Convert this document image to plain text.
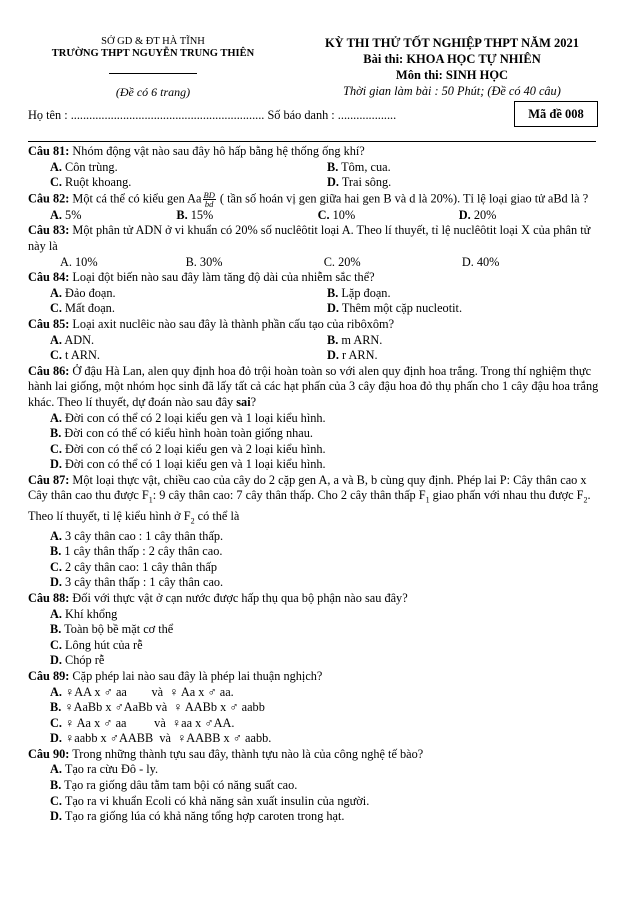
SỞ GD & ĐT HÀ TĨNH
TRƯỜNG THPT NGUYỄN TRUNG THIÊN
(Đề có 6 trang)
KỲ THI THỬ TỐT NGHIỆP THPT NĂM 2021
Bài thi: KHOA HỌC TỰ NHIÊN
Môn thi: SINH HỌC
Thời gian làm bài : 50 Phút; (Đề có 40 câu)
Họ tên : ............................................................... Số báo danh : ...................	Mã đề 008
Câu 81: Nhóm động vật nào sau đây hô hấp bằng hệ thống ống khí?
A. Côn trùng.	B. Tôm, cua.
C. Ruột khoang.	D. Trai sông.
Câu 82: Một cá thể có kiểu gen Aa $\frac{BD}{bd}$ ( tần số hoán vị gen giữa hai gen B và d là 20%). Tỉ lệ loại giao tử aBd là ?
A. 5%	B. 15%	C. 10%	D. 20%
Câu 83: Một phân tử ADN ở vi khuẩn có 20% số nuclêôtit loại A. Theo lí thuyết, tỉ lệ nuclêôtit loại X của phân tử này là
A. 10%	B. 30%	C. 20%	D. 40%
Câu 84: Loại đột biến nào sau đây làm tăng độ dài của nhiễm sắc thể?
A. Đảo đoạn.	B. Lặp đoạn.
C. Mất đoạn.	D. Thêm một cặp nucleotit.
Câu 85: Loại axit nuclêic nào sau đây là thành phần cấu tạo của ribôxôm?
A. ADN.	B. m ARN.
C. t ARN.	D. r ARN.
Câu 86: Ở đậu Hà Lan, alen quy định hoa đỏ trội hoàn toàn so với alen quy định hoa trắng. Trong thí nghiệm thực hành lai giống, một nhóm học sinh đã lấy tất cả các hạt phấn của 3 cây đậu hoa đỏ thụ phấn cho 1 cây đậu hoa trắng khác. Theo lí thuyết, dự đoán nào sau đây sai?
A. Đời con có thể có 2 loại kiểu gen và 1 loại kiểu hình.
B. Đời con có thể có kiểu hình hoàn toàn giống nhau.
C. Đời con có thể có 2 loại kiểu gen và 2 loại kiểu hình.
D. Đời con có thể có 1 loại kiểu gen và 1 loại kiểu hình.
Câu 87: Một loại thực vật, chiều cao của cây do 2 cặp gen A, a và B, b cùng quy định. Phép lai P: Cây thân cao x Cây thân cao thu được $F_1$: 9 cây thân cao: 7 cây thân thấp. Cho 2 cây thân thấp $F_1$ giao phấn với nhau thu được $F_2$. Theo lí thuyết, tỉ lệ kiểu hình ở $F_2$ có thể là
A. 3 cây thân cao : 1 cây thân thấp.
B. 1 cây thân thấp : 2 cây thân cao.
C. 2 cây thân cao: 1 cây thân thấp
D. 3 cây thân thấp : 1 cây thân cao.
Câu 88: Đối với thực vật ở cạn nước được hấp thụ qua bộ phận nào sau đây?
A. Khí khổng
B. Toàn bộ bề mặt cơ thể
C. Lông hút của rễ
D. Chóp rễ
Câu 89: Cặp phép lai nào sau đây là phép lai thuận nghịch?
A. ♀AA x ♂ aa        và  ♀ Aa x ♂ aa.
B. ♀AaBb x ♂AaBb và  ♀ AABb x ♂ aabb
C. ♀ Aa x ♂ aa         và  ♀aa x ♂AA.
D. ♀aabb x ♂AABB  và  ♀AABB x ♂ aabb.
Câu 90: Trong những thành tựu sau đây, thành tựu nào là của công nghệ tế bào?
A. Tạo ra cừu Đô - ly.
B. Tạo ra giống dâu tằm tam bội có năng suất cao.
C. Tạo ra vi khuẩn Ecoli có khả năng sản xuất insulin của người.
D. Tạo ra giống lúa có khả năng tổng hợp caroten trong hạt.
